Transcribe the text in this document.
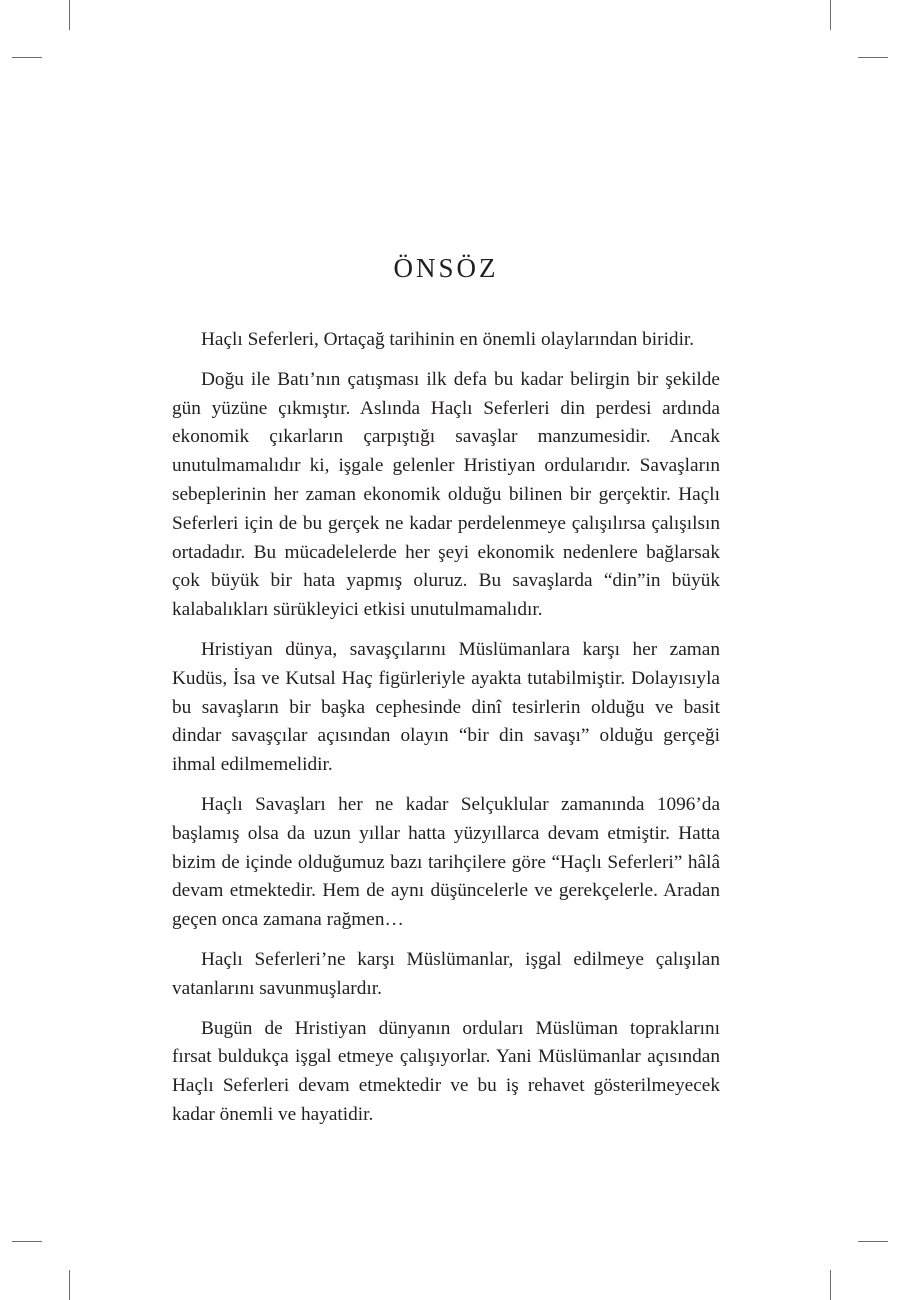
ÖNSÖZ

Haçlı Seferleri, Ortaçağ tarihinin en önemli olaylarından biridir.

Doğu ile Batı’nın çatışması ilk defa bu kadar belirgin bir şekilde gün yüzüne çıkmıştır. Aslında Haçlı Seferleri din perdesi ardında ekonomik çıkarların çarpıştığı savaşlar manzumesidir. Ancak unutulmamalıdır ki, işgale gelenler Hristiyan ordularıdır. Savaşların sebeplerinin her zaman ekonomik olduğu bilinen bir gerçektir. Haçlı Seferleri için de bu gerçek ne kadar perdelenmeye çalışılırsa çalışılsın ortadadır. Bu mücadelelerde her şeyi ekonomik nedenlere bağlarsak çok büyük bir hata yapmış oluruz. Bu savaşlarda “din”in büyük kalabalıkları sürükleyici etkisi unutulmamalıdır.

Hristiyan dünya, savaşçılarını Müslümanlara karşı her zaman Kudüs, İsa ve Kutsal Haç figürleriyle ayakta tutabilmiştir. Dolayısıyla bu savaşların bir başka cephesinde dinî tesirlerin olduğu ve basit dindar savaşçılar açısından olayın “bir din savaşı” olduğu gerçeği ihmal edilmemelidir.

Haçlı Savaşları her ne kadar Selçuklular zamanında 1096’da başlamış olsa da uzun yıllar hatta yüzyıllarca devam etmiştir. Hatta bizim de içinde olduğumuz bazı tarihçilere göre “Haçlı Seferleri” hâlâ devam etmektedir. Hem de aynı düşüncelerle ve gerekçelerle. Aradan geçen onca zamana rağmen…

Haçlı Seferleri’ne karşı Müslümanlar, işgal edilmeye çalışılan vatanlarını savunmuşlardır.

Bugün de Hristiyan dünyanın orduları Müslüman topraklarını fırsat buldukça işgal etmeye çalışıyorlar. Yani Müslümanlar açısından Haçlı Seferleri devam etmektedir ve bu iş rehavet gösterilmeyecek kadar önemli ve hayatidir.
